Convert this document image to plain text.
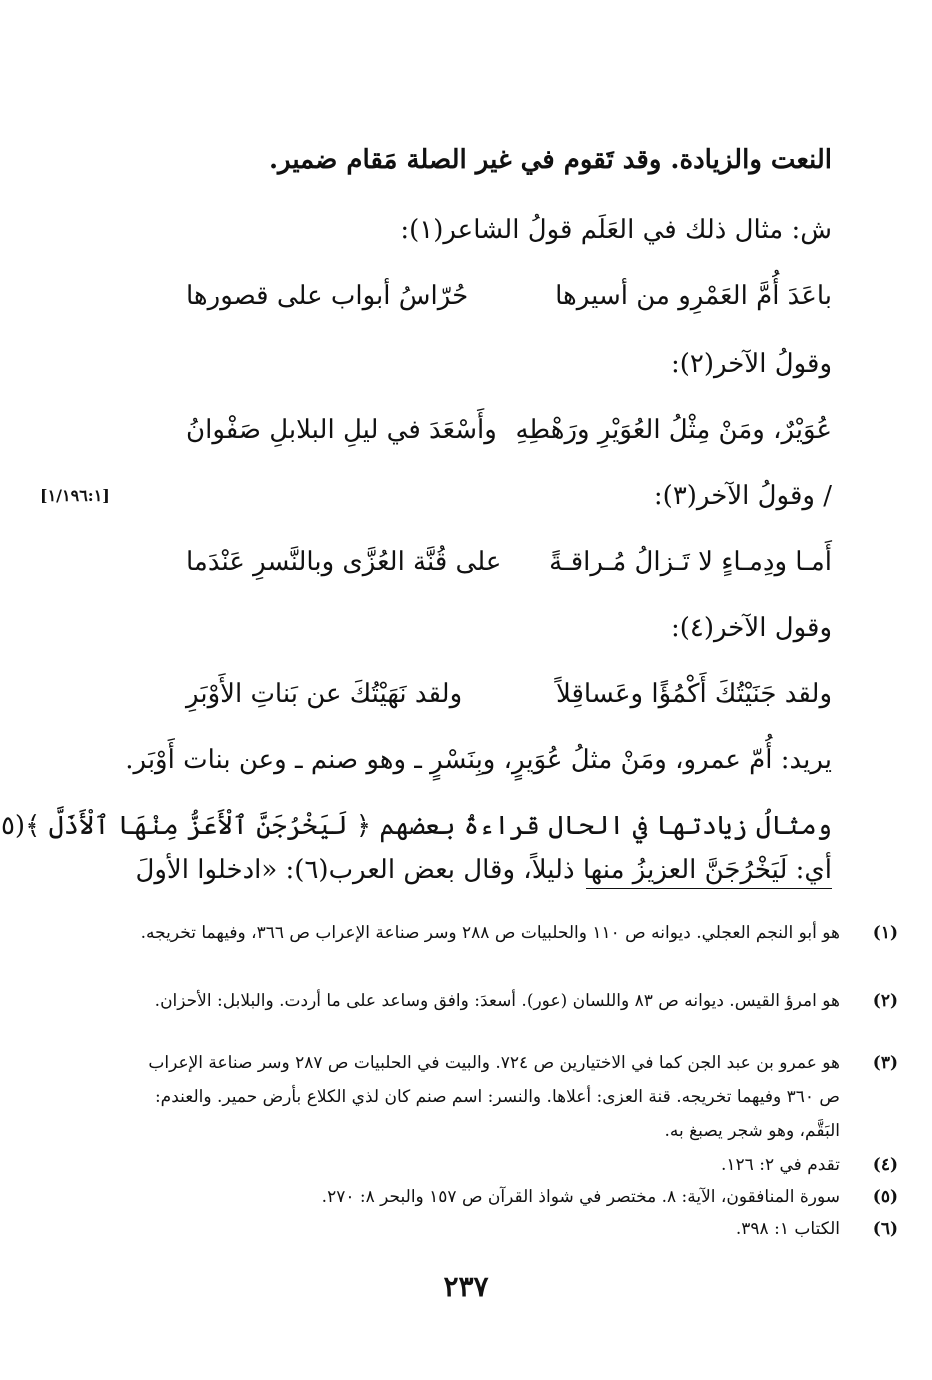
النعت والزيادة. وقد تَقوم في غير الصلة مَقام ضمير.
ش: مثال ذلك في العَلَم قولُ الشاعر(١):
باعَدَ أُمَّ العَمْرِو من أسيرها
حُرّاسُ أبواب على قصورها
وقولُ الآخر(٢):
عُوَيْرٌ، ومَنْ مِثْلُ العُوَيْرِ ورَهْطِهِ
وأَسْعَدَ في ليلِ البلابلِ صَفْوانُ
/ وقولُ الآخر(٣):
[١/١٩٦:١]
أَمـا ودِمـاءٍ لا تَـزالُ مُـراقـةً
على قُنَّة العُزَّى وبالنَّسرِ عَنْدَما
وقول الآخر(٤):
ولقد جَنَيْتُكَ أَكْمُؤًا وعَساقِلاً
ولقد نَهَيْتُكَ عن بَناتِ الأَوْبَرِ
يريد: أُمّ عمرو، ومَنْ مثلُ عُوَيرٍ، وبِنَسْرٍ ـ وهو صنم ـ وعن بنات أَوْبَر.
ومثالُ زيادتها في الحال قراءةُ بعضهم ﴿ لَيَخْرُجَنَّ ٱلْأَعَزُّ مِنْهَا ٱلْأَذَلَّ ﴾(٥
أي: لَيَخْرُجَنَّ العزيزُ منها ذليلاً، وقال بعض العرب(٦): «ادخلوا الأولَ
(١)
هو أبو النجم العجلي. ديوانه ص ١١٠ والحلبيات ص ٢٨٨ وسر صناعة الإعراب ص ٣٦٦، وفيهما تخريجه.
(٢)
هو امرؤ القيس. ديوانه ص ٨٣ واللسان (عور). أسعدَ: وافق وساعد على ما أردت. والبلابل: الأحزان.
(٣)
هو عمرو بن عبد الجن كما في الاختيارين ص ٧٢٤. والبيت في الحلبيات ص ٢٨٧ وسر صناعة الإعراب ص ٣٦٠ وفيهما تخريجه. قنة العزى: أعلاها. والنسر: اسم صنم كان لذي الكلاع بأرض حمير. والعندم: البَقَّم، وهو شجر يصبغ به.
(٤)
تقدم في ٢: ١٢٦.
(٥)
سورة المنافقون، الآية: ٨. مختصر في شواذ القرآن ص ١٥٧ والبحر ٨: ٢٧٠.
(٦)
الكتاب ١: ٣٩٨.
٢٣٧
